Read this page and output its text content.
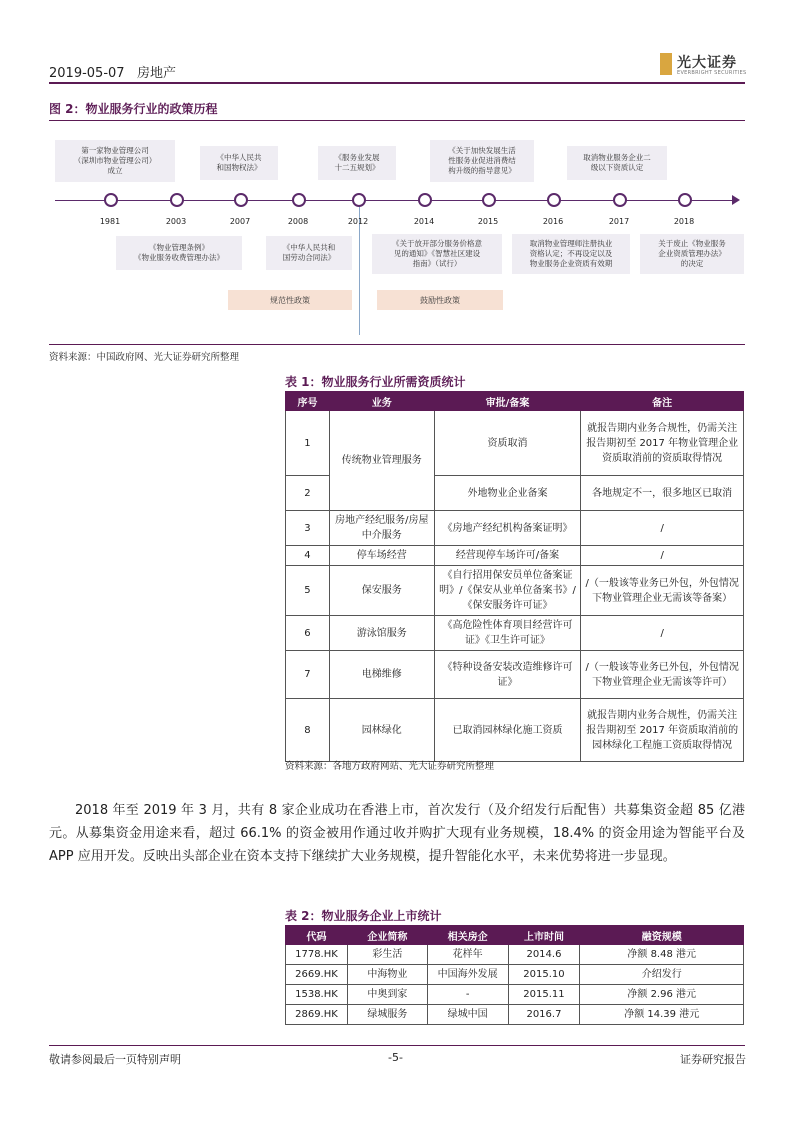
2019-05-07 房地产
光大证券
EVERBRIGHT SECURITIES
图 2：物业服务行业的政策历程
第一家物业管理公司
（深圳市物业管理公司）
成立
《中华人民共
和国物权法》
《服务业发展
十二五规划》
《关于加快发展生活
性服务业促进消费结
构升级的指导意见》
取消物业服务企业二
级以下资质认定
1981	2003	2007	2008	2012	2014	2015	2016	2017	2018
《物业管理条例》
《物业服务收费管理办法》
《中华人民共和
国劳动合同法》
《关于放开部分服务价格意
见的通知》《智慧社区建设
指南》（试行）
取消物业管理师注册执业
资格认定；不再设定以及
物业服务企业资质有效期
关于废止《物业服务
企业资质管理办法》
的决定
规范性政策	鼓励性政策
资料来源：中国政府网、光大证券研究所整理
表 1：物业服务行业所需资质统计
序号	业务	审批/备案	备注
1	传统物业管理服务	资质取消	就报告期内业务合规性，仍需关注报告期初至 2017 年物业管理企业资质取消前的资质取得情况
2		外地物业企业备案	各地规定不一，很多地区已取消
3	房地产经纪服务/房屋中介服务	《房地产经纪机构备案证明》	/
4	停车场经营	经营现停车场许可/备案	/
5	保安服务	《自行招用保安员单位备案证明》/《保安从业单位备案书》/《保安服务许可证》	/（一般该等业务已外包，外包情况下物业管理企业无需该等备案）
6	游泳馆服务	《高危险性体育项目经营许可证》《卫生许可证》	/
7	电梯维修	《特种设备安装改造维修许可证》	/（一般该等业务已外包，外包情况下物业管理企业无需该等许可）
8	园林绿化	已取消园林绿化施工资质	就报告期内业务合规性，仍需关注报告期初至 2017 年资质取消前的园林绿化工程施工资质取得情况
资料来源：各地方政府网站、光大证券研究所整理
2018 年至 2019 年 3 月，共有 8 家企业成功在香港上市，首次发行（及介绍发行后配售）共募集资金超 85 亿港元。从募集资金用途来看，超过 66.1% 的资金被用作通过收并购扩大现有业务规模，18.4% 的资金用途为智能平台及 APP 应用开发。反映出头部企业在资本支持下继续扩大业务规模，提升智能化水平，未来优势将进一步显现。
表 2：物业服务企业上市统计
代码	企业简称	相关房企	上市时间	融资规模
1778.HK	彩生活	花样年	2014.6	净额 8.48 港元
2669.HK	中海物业	中国海外发展	2015.10	介绍发行
1538.HK	中奥到家	-	2015.11	净额 2.96 港元
2869.HK	绿城服务	绿城中国	2016.7	净额 14.39 港元
敬请参阅最后一页特别声明	-5-	证券研究报告
